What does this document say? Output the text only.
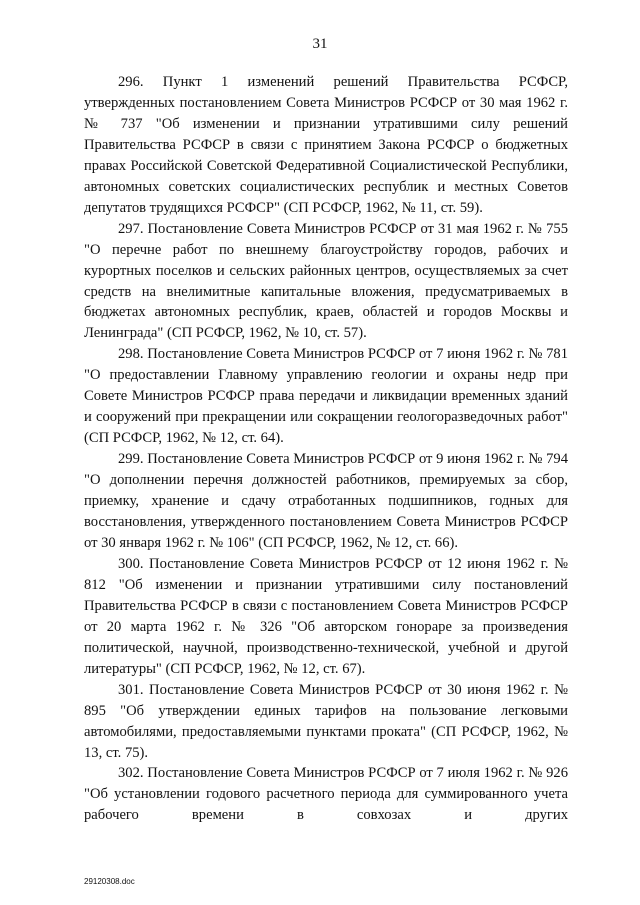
31

296. Пункт 1 изменений решений Правительства РСФСР, утвержденных постановлением Совета Министров РСФСР от 30 мая 1962 г. № 737 "Об изменении и признании утратившими силу решений Правительства РСФСР в связи с принятием Закона РСФСР о бюджетных правах Российской Советской Федеративной Социалистической Республики, автономных советских социалистических республик и местных Советов депутатов трудящихся РСФСР" (СП РСФСР, 1962, № 11, ст. 59).

297. Постановление Совета Министров РСФСР от 31 мая 1962 г. № 755 "О перечне работ по внешнему благоустройству городов, рабочих и курортных поселков и сельских районных центров, осуществляемых за счет средств на внелимитные капитальные вложения, предусматриваемых в бюджетах автономных республик, краев, областей и городов Москвы и Ленинграда" (СП РСФСР, 1962, № 10, ст. 57).

298. Постановление Совета Министров РСФСР от 7 июня 1962 г. № 781 "О предоставлении Главному управлению геологии и охраны недр при Совете Министров РСФСР права передачи и ликвидации временных зданий и сооружений при прекращении или сокращении геологоразведочных работ" (СП РСФСР, 1962, № 12, ст. 64).

299. Постановление Совета Министров РСФСР от 9 июня 1962 г. № 794 "О дополнении перечня должностей работников, премируемых за сбор, приемку, хранение и сдачу отработанных подшипников, годных для восстановления, утвержденного постановлением Совета Министров РСФСР от 30 января 1962 г. № 106" (СП РСФСР, 1962, № 12, ст. 66).

300. Постановление Совета Министров РСФСР от 12 июня 1962 г. № 812 "Об изменении и признании утратившими силу постановлений Правительства РСФСР в связи с постановлением Совета Министров РСФСР от 20 марта 1962 г. № 326 "Об авторском гонораре за произведения политической, научной, производственно-технической, учебной и другой литературы" (СП РСФСР, 1962, № 12, ст. 67).

301. Постановление Совета Министров РСФСР от 30 июня 1962 г. № 895 "Об утверждении единых тарифов на пользование легковыми автомобилями, предоставляемыми пунктами проката" (СП РСФСР, 1962, № 13, ст. 75).

302. Постановление Совета Министров РСФСР от 7 июля 1962 г. № 926 "Об установлении годового расчетного периода для суммированного учета рабочего времени в совхозах и других

29120308.doc
